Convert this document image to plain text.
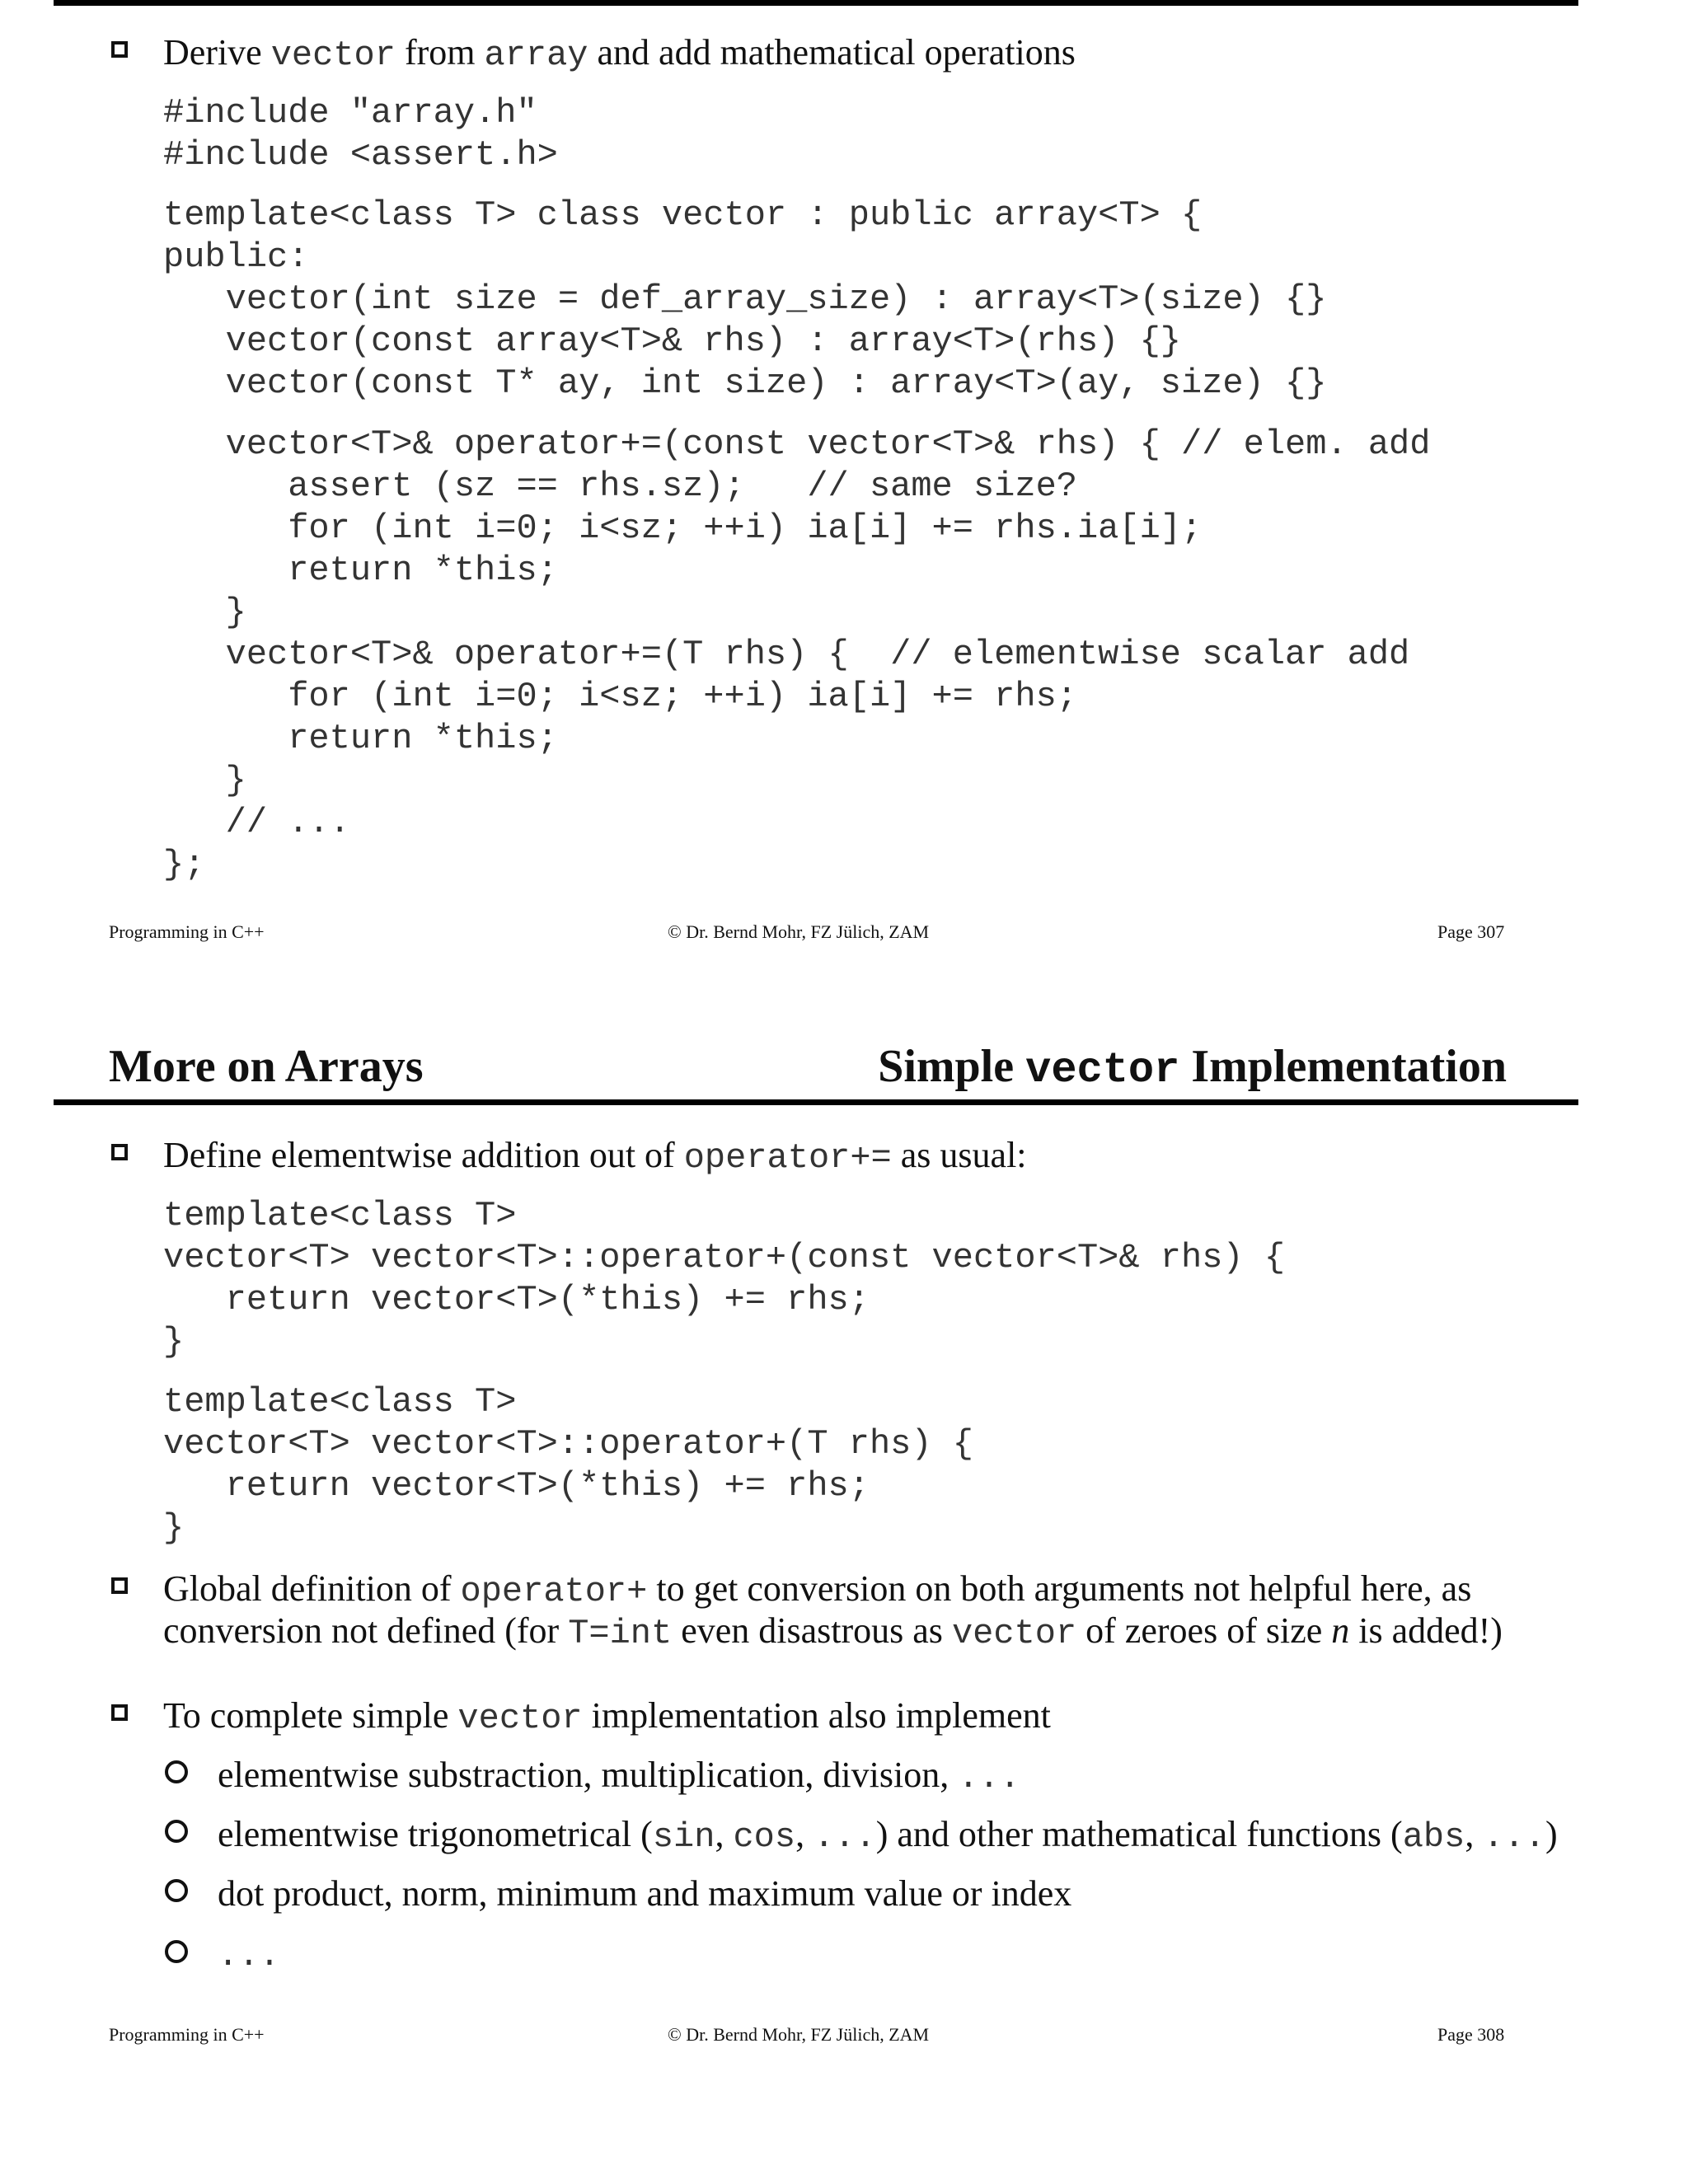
Derive vector from array and add mathematical operations
#include "array.h"
#include <assert.h>
template<class T> class vector : public array<T> {
public:
vector(int size = def_array_size) : array<T>(size) {}
vector(const array<T>& rhs) : array<T>(rhs) {}
vector(const T* ay, int size) : array<T>(ay, size) {}
vector<T>& operator+=(const vector<T>& rhs) { // elem. add
assert (sz == rhs.sz);   // same size?
for (int i=0; i<sz; ++i) ia[i] += rhs.ia[i];
return *this;
}
vector<T>& operator+=(T rhs) {  // elementwise scalar add
for (int i=0; i<sz; ++i) ia[i] += rhs;
return *this;
}
// ...
};
Programming in C++	© Dr. Bernd Mohr, FZ Jülich, ZAM	Page 307
More on Arrays	Simple vector Implementation
Define elementwise addition out of operator+= as usual:
template<class T>
vector<T> vector<T>::operator+(const vector<T>& rhs) {
return vector<T>(*this) += rhs;
}
template<class T>
vector<T> vector<T>::operator+(T rhs) {
return vector<T>(*this) += rhs;
}
Global definition of operator+ to get conversion on both arguments not helpful here, as
conversion not defined (for T=int even disastrous as vector of zeroes of size n is added!)
To complete simple vector implementation also implement
elementwise substraction, multiplication, division, ...
elementwise trigonometrical (sin, cos, ...) and other mathematical functions (abs, ...)
dot product, norm, minimum and maximum value or index
...
Programming in C++	© Dr. Bernd Mohr, FZ Jülich, ZAM	Page 308
